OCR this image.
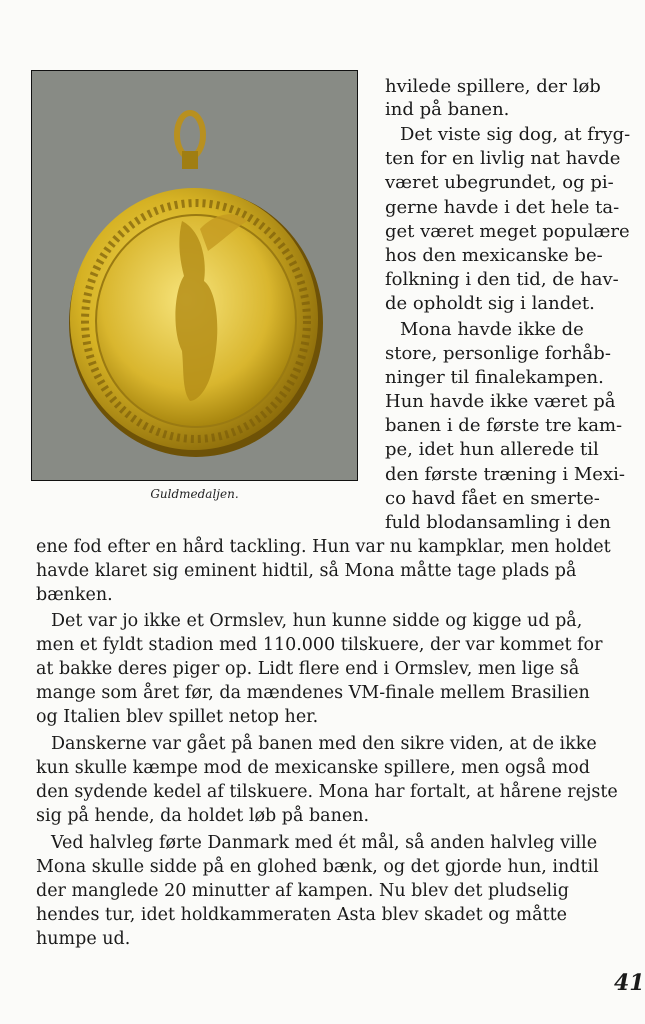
Guldmedaljen.
hvilede spillere, der løb
ind på banen.
Det viste sig dog, at fryg-
ten for en livlig nat havde
været ubegrundet, og pi-
gerne havde i det hele ta-
get været meget populære
hos den mexicanske be-
folkning i den tid, de hav-
de opholdt sig i landet.
Mona havde ikke de
store, personlige forhåb-
ninger til finalekampen.
Hun havde ikke været på
banen i de første tre kam-
pe, idet hun allerede til
den første træning i Mexi-
co havd fået en smerte-
fuld blodansamling i den
ene fod efter en hård tackling. Hun var nu kampklar, men holdet
havde klaret sig eminent hidtil, så Mona måtte tage plads på
bænken.
Det var jo ikke et Ormslev, hun kunne sidde og kigge ud på,
men et fyldt stadion med 110.000 tilskuere, der var kommet for
at bakke deres piger op. Lidt flere end i Ormslev, men lige så
mange som året før, da mændenes VM-finale mellem Brasilien
og Italien blev spillet netop her.
Danskerne var gået på banen med den sikre viden, at de ikke
kun skulle kæmpe mod de mexicanske spillere, men også mod
den sydende kedel af tilskuere. Mona har fortalt, at hårene rejste
sig på hende, da holdet løb på banen.
Ved halvleg førte Danmark med ét mål, så anden halvleg ville
Mona skulle sidde på en glohed bænk, og det gjorde hun, indtil
der manglede 20 minutter af kampen. Nu blev det pludselig
hendes tur, idet holdkammeraten Asta blev skadet og måtte
humpe ud.
41
